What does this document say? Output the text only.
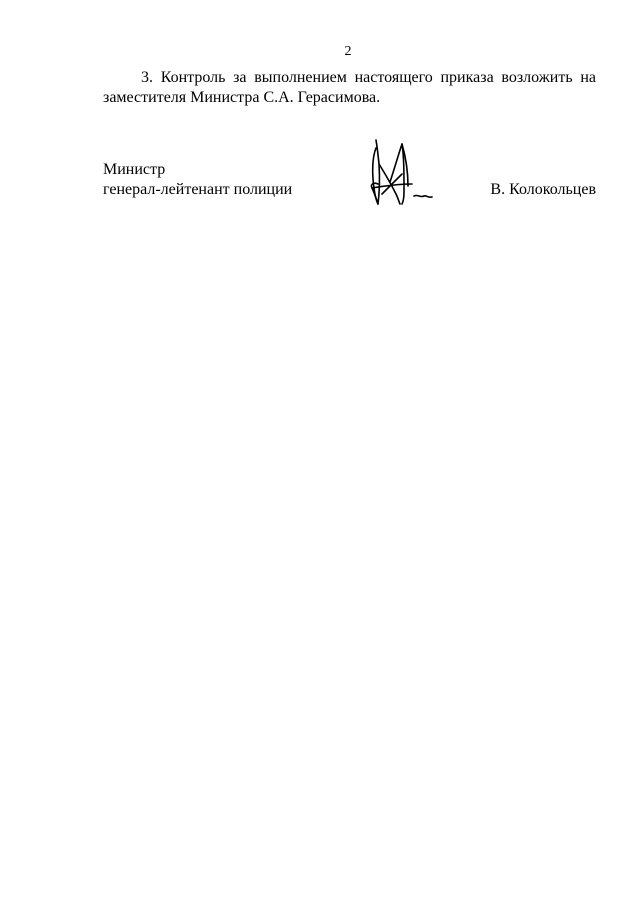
2
3. Контроль за выполнением настоящего приказа возложить на
заместителя Министра С.А. Герасимова.
Министр
генерал-лейтенант полиции	В. Колокольцев
